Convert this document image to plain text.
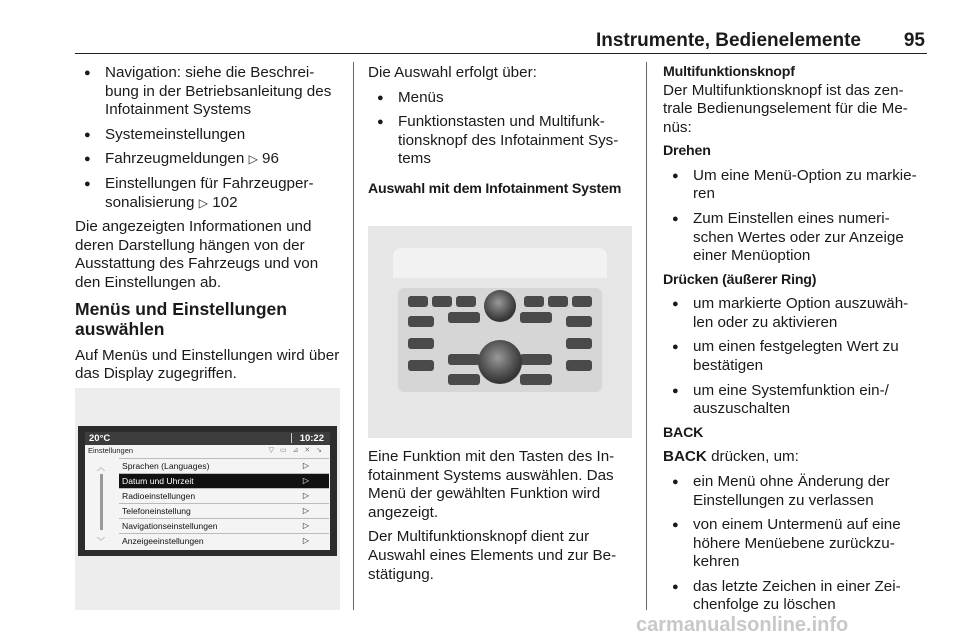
Instrumente, Bedienelemente 95
● Navigation: siehe die Beschrei- bung in der Betriebsanleitung des Infotainment Systems
● Systemeinstellungen
● Fahrzeugmeldungen ▷ 96
● Einstellungen für Fahrzeugper- sonalisierung ▷ 102
Die angezeigten Informationen und deren Darstellung hängen von der Ausstattung des Fahrzeugs und von den Einstellungen ab.
Menüs und Einstellungen auswählen
Auf Menüs und Einstellungen wird über das Display zugegriffen.
20°C	10:22
Einstellungen	▽ ▭ ⊿ ✕ ↘
︿
﹀
Sprachen (Languages)	▷
Datum und Uhrzeit	▷
Radioeinstellungen	▷
Telefoneinstellung	▷
Navigationseinstellungen	▷
Anzeigeeinstellungen	▷
Die Auswahl erfolgt über:
● Menüs
● Funktionstasten und Multifunk- tionsknopf des Infotainment Sys- tems
Auswahl mit dem Infotainment System
Eine Funktion mit den Tasten des In- fotainment Systems auswählen. Das Menü der gewählten Funktion wird angezeigt.
Der Multifunktionsknopf dient zur Auswahl eines Elements und zur Be- stätigung.
Multifunktionsknopf
Der Multifunktionsknopf ist das zen- trale Bedienungselement für die Me- nüs:
Drehen
● Um eine Menü-Option zu markie- ren
● Zum Einstellen eines numeri- schen Wertes oder zur Anzeige einer Menüoption
Drücken (äußerer Ring)
● um markierte Option auszuwäh- len oder zu aktivieren
● um einen festgelegten Wert zu bestätigen
● um eine Systemfunktion ein-/ auszuschalten
BACK
BACK drücken, um:
● ein Menü ohne Änderung der Einstellungen zu verlassen
● von einem Untermenü auf eine höhere Menüebene zurückzu- kehren
● das letzte Zeichen in einer Zei- chenfolge zu löschen
carmanualsonline.info
